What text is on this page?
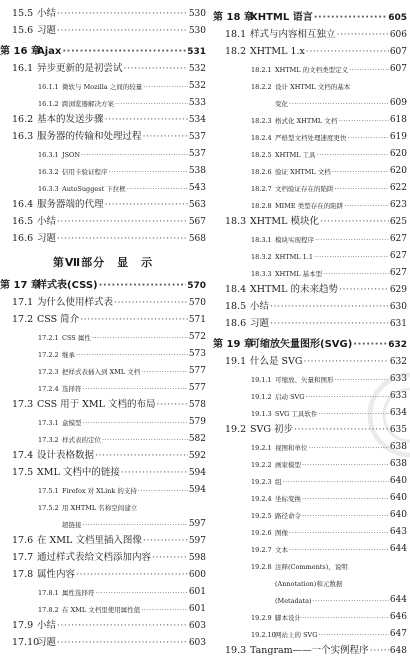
15.5 小结 ·····	530
15.6 习题 ·····	530
第 16 章
Ajax ·····	531
16.1 异步更新的是初尝试 ·····	532
16.1.1 微软与 Mozilla 之间的较量 ·····	532
16.1.2 跨浏览器解决方案 ·····	533
16.2 基本的发送步骤 ·····	534
16.3 服务器的传输和处理过程 ·····	537
16.3.1 JSON ·····	537
16.3.2 信用卡验证程序 ·····	538
16.3.3 AutoSuggest 下拉框 ·····	543
16.4 服务器端的代理 ·····	563
16.5 小结 ·····	567
16.6 习题 ·····	568
第Ⅶ部分 显 示
第 17 章
样式表(CSS) ·····	570
17.1 为什么使用样式表 ·····	570
17.2 CSS 简介 ·····	571
17.2.1 CSS 属性 ·····	572
17.2.2 继承 ·····	573
17.2.3 把样式表插入到 XML 文档 ·····	577
17.2.4 选择符 ·····	577
17.3 CSS 用于 XML 文档的布局 ·····	578
17.3.1 盒模型 ·····	579
17.3.2 样式表的定位 ·····	582
17.4 设计表格数据 ·····	592
17.5 XML 文档中的链接 ·····	594
17.5.1 Firefox 对 XLink 的支持 ·····	594
17.5.2 用 XHTML 名称空间建立
超链接 ·····	597
17.6 在 XML 文档里插入图像 ·····	597
17.7 通过样式表给文档添加内容 ·····	598
17.8 属性内容 ·····	600
17.8.1 属性选择符 ·····	601
17.8.2 在 XML 文档里使用属性值 ·····	601
17.9 小结 ·····	603
17.10
习题 ·····	603
第 18 章
XHTML 语言 ·····	605
18.1 样式与内容相互独立 ·····	606
18.2 XHTML 1.x ·····	607
18.2.1 XHTML 的文档类型定义 ·····	607
18.2.2 设计 XHTML 文档的基本
变化 ·····	609
18.2.3 格式化 XHTML 文档 ·····	618
18.2.4 严格型文档处理速度更快 ·····	619
18.2.5 XHTML 工具 ·····	620
18.2.6 验证 XHTML 文档 ·····	620
18.2.7 文档验证存在的陷阱 ·····	622
18.2.8 MIME 类型存在的陷阱 ·····	623
18.3 XHTML 模块化 ·····	625
18.3.1 模块实现程序 ·····	627
18.3.2 XHTML 1.1 ·····	627
18.3.3 XHTML 基本型 ·····	627
18.4 XHTML 的未来趋势 ·····	629
18.5 小结 ·····	630
18.6 习题 ·····	631
第 19 章
可缩放矢量图形(SVG) ·····	632
19.1 什么是 SVG ·····	632
19.1.1 可缩放、矢量和图形 ·····	633
19.1.2 启动 SVG ·····	633
19.1.3 SVG 工具软件 ·····	634
19.2 SVG 初步 ·····	635
19.2.1 视图和单位 ·····	638
19.2.2 画家模型 ·····	638
19.2.3 组 ·····	640
19.2.4 坐标变换 ·····	640
19.2.5 路径命令 ·····	640
19.2.6 图像 ·····	643
19.2.7 文本 ·····	644
19.2.8 注释(Comments)、说明
(Annotation)和元数据
(Metadata) ·····	644
19.2.9 脚本设计 ·····	646
19.2.10 网站上的 SVG ·····	647
19.3 Tangram——一个实例程序 ····· 648
